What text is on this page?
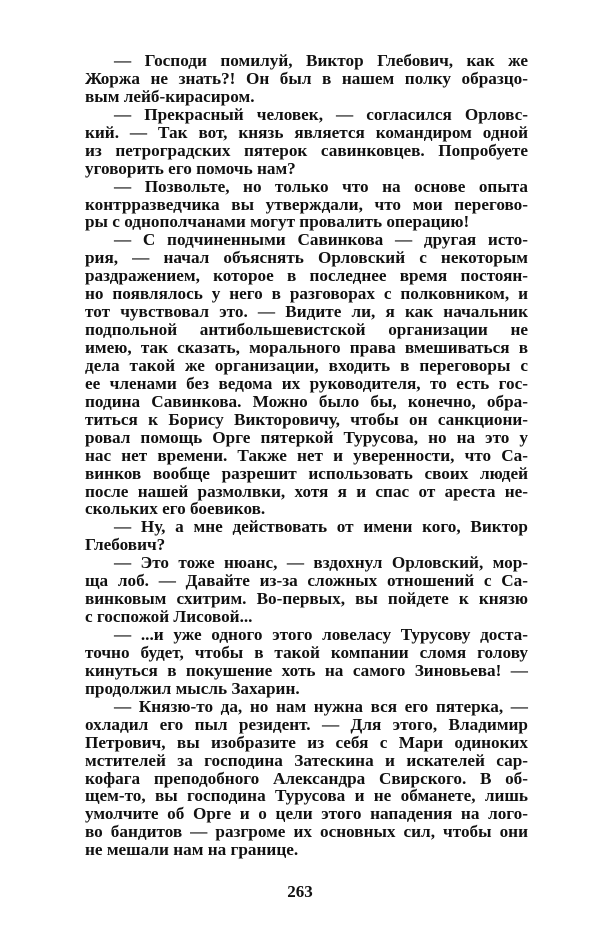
— Господи помилуй, Виктор Глебович, как же
Жоржа не знать?! Он был в нашем полку образцо-
вым лейб-кирасиром.
— Прекрасный человек, — согласился Орловс-
кий. — Так вот, князь является командиром одной
из петроградских пятерок савинковцев. Попробуете
уговорить его помочь нам?
— Позвольте, но только что на основе опыта
контрразведчика вы утверждали, что мои перегово-
ры с однополчанами могут провалить операцию!
— С подчиненными Савинкова — другая исто-
рия, — начал объяснять Орловский с некоторым
раздражением, которое в последнее время постоян-
но появлялось у него в разговорах с полковником, и
тот чувствовал это. — Видите ли, я как начальник
подпольной антибольшевистской организации не
имею, так сказать, морального права вмешиваться в
дела такой же организации, входить в переговоры с
ее членами без ведома их руководителя, то есть гос-
подина Савинкова. Можно было бы, конечно, обра-
титься к Борису Викторовичу, чтобы он санкциони-
ровал помощь Орге пятеркой Турусова, но на это у
нас нет времени. Также нет и уверенности, что Са-
винков вообще разрешит использовать своих людей
после нашей размолвки, хотя я и спас от ареста не-
скольких его боевиков.
— Ну, а мне действовать от имени кого, Виктор
Глебович?
— Это тоже нюанс, — вздохнул Орловский, мор-
ща лоб. — Давайте из-за сложных отношений с Са-
винковым схитрим. Во-первых, вы пойдете к князю
с госпожой Лисовой...
— ...и уже одного этого ловеласу Турусову доста-
точно будет, чтобы в такой компании сломя голову
кинуться в покушение хоть на самого Зиновьева! —
продолжил мысль Захарин.
— Князю-то да, но нам нужна вся его пятерка, —
охладил его пыл резидент. — Для этого, Владимир
Петрович, вы изобразите из себя с Мари одиноких
мстителей за господина Затескина и искателей сар-
кофага преподобного Александра Свирского. В об-
щем-то, вы господина Турусова и не обманете, лишь
умолчите об Орге и о цели этого нападения на лого-
во бандитов — разгроме их основных сил, чтобы они
не мешали нам на границе.
263
